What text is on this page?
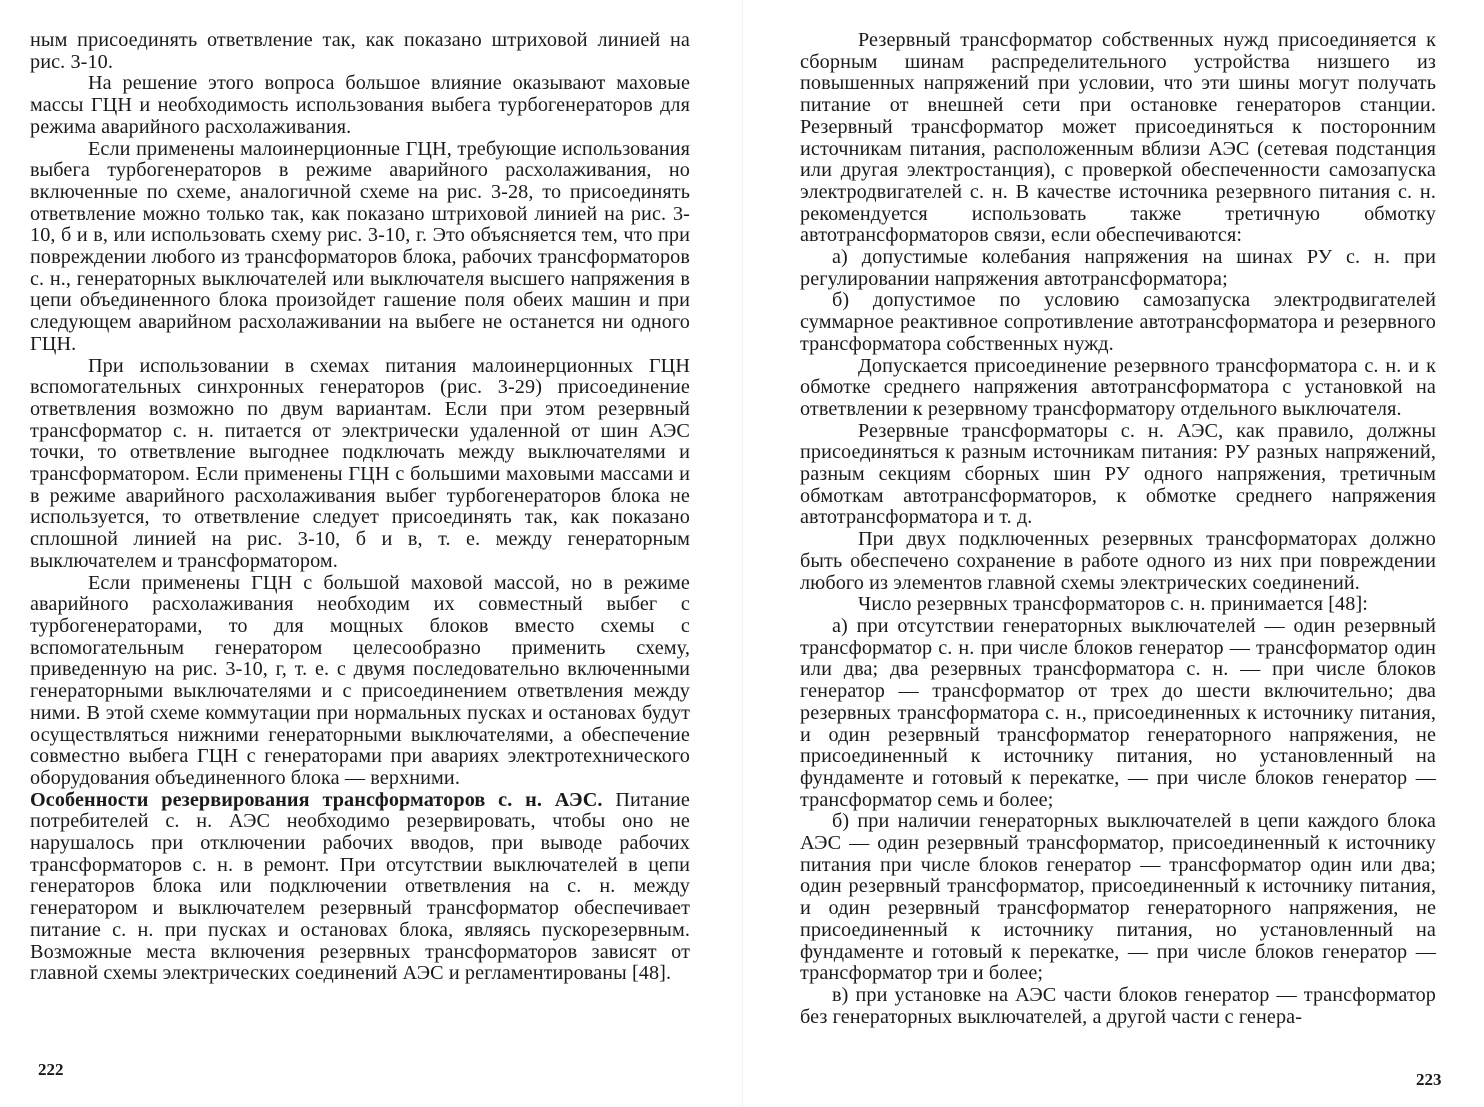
ным присоединять ответвление так, как показано штриховой линией на рис. 3-10.

На решение этого вопроса большое влияние оказывают маховые массы ГЦН и необходимость использования выбега турбогенераторов для режима аварийного расхолаживания.

Если применены малоинерционные ГЦН, требующие использования выбега турбогенераторов в режиме аварийного расхолаживания, но включенные по схеме, аналогичной схеме на рис. 3-28, то присоединять ответвление можно только так, как показано штриховой линией на рис. 3-10, б и в, или использовать схему рис. 3-10, г. Это объясняется тем, что при повреждении любого из трансформаторов блока, рабочих трансформаторов с. н., генераторных выключателей или выключателя высшего напряжения в цепи объединенного блока произойдет гашение поля обеих машин и при следующем аварийном расхолаживании на выбеге не останется ни одного ГЦН.

При использовании в схемах питания малоинерционных ГЦН вспомогательных синхронных генераторов (рис. 3-29) присоединение ответвления возможно по двум вариантам. Если при этом резервный трансформатор с. н. питается от электрически удаленной от шин АЭС точки, то ответвление выгоднее подключать между выключателями и трансформатором. Если применены ГЦН с большими маховыми массами и в режиме аварийного расхолаживания выбег турбогенераторов блока не используется, то ответвление следует присоединять так, как показано сплошной линией на рис. 3-10, б и в, т. е. между генераторным выключателем и трансформатором.

Если применены ГЦН с большой маховой массой, но в режиме аварийного расхолаживания необходим их совместный выбег с турбогенераторами, то для мощных блоков вместо схемы с вспомогательным генератором целесообразно применить схему, приведенную на рис. 3-10, г, т. е. с двумя последовательно включенными генераторными выключателями и с присоединением ответвления между ними. В этой схеме коммутации при нормальных пусках и остановах будут осуществляться нижними генераторными выключателями, а обеспечение совместно выбега ГЦН с генераторами при авариях электротехнического оборудования объединенного блока — верхними.

Особенности резервирования трансформаторов с. н. АЭС. Питание потребителей с. н. АЭС необходимо резервировать, чтобы оно не нарушалось при отключении рабочих вводов, при выводе рабочих трансформаторов с. н. в ремонт. При отсутствии выключателей в цепи генераторов блока или подключении ответвления на с. н. между генератором и выключателем резервный трансформатор обеспечивает питание с. н. при пусках и остановах блока, являясь пускорезервным. Возможные места включения резервных трансформаторов зависят от главной схемы электрических соединений АЭС и регламентированы [48].

222

Резервный трансформатор собственных нужд присоединяется к сборным шинам распределительного устройства низшего из повышенных напряжений при условии, что эти шины могут получать питание от внешней сети при остановке генераторов станции. Резервный трансформатор может присоединяться к посторонним источникам питания, расположенным вблизи АЭС (сетевая подстанция или другая электростанция), с проверкой обеспеченности самозапуска электродвигателей с. н. В качестве источника резервного питания с. н. рекомендуется использовать также третичную обмотку автотрансформаторов связи, если обеспечиваются:

а) допустимые колебания напряжения на шинах РУ с. н. при регулировании напряжения автотрансформатора;

б) допустимое по условию самозапуска электродвигателей суммарное реактивное сопротивление автотрансформатора и резервного трансформатора собственных нужд.

Допускается присоединение резервного трансформатора с. н. и к обмотке среднего напряжения автотрансформатора с установкой на ответвлении к резервному трансформатору отдельного выключателя.

Резервные трансформаторы с. н. АЭС, как правило, должны присоединяться к разным источникам питания: РУ разных напряжений, разным секциям сборных шин РУ одного напряжения, третичным обмоткам автотрансформаторов, к обмотке среднего напряжения автотрансформатора и т. д.

При двух подключенных резервных трансформаторах должно быть обеспечено сохранение в работе одного из них при повреждении любого из элементов главной схемы электрических соединений.

Число резервных трансформаторов с. н. принимается [48]:

а) при отсутствии генераторных выключателей — один резервный трансформатор с. н. при числе блоков генератор — трансформатор один или два; два резервных трансформатора с. н. — при числе блоков генератор — трансформатор от трех до шести включительно; два резервных трансформатора с. н., присоединенных к источнику питания, и один резервный трансформатор генераторного напряжения, не присоединенный к источнику питания, но установленный на фундаменте и готовый к перекатке, — при числе блоков генератор — трансформатор семь и более;

б) при наличии генераторных выключателей в цепи каждого блока АЭС — один резервный трансформатор, присоединенный к источнику питания при числе блоков генератор — трансформатор один или два; один резервный трансформатор, присоединенный к источнику питания, и один резервный трансформатор генераторного напряжения, не присоединенный к источнику питания, но установленный на фундаменте и готовый к перекатке, — при числе блоков генератор — трансформатор три и более;

в) при установке на АЭС части блоков генератор — трансформатор без генераторных выключателей, а другой части с генера-

223
